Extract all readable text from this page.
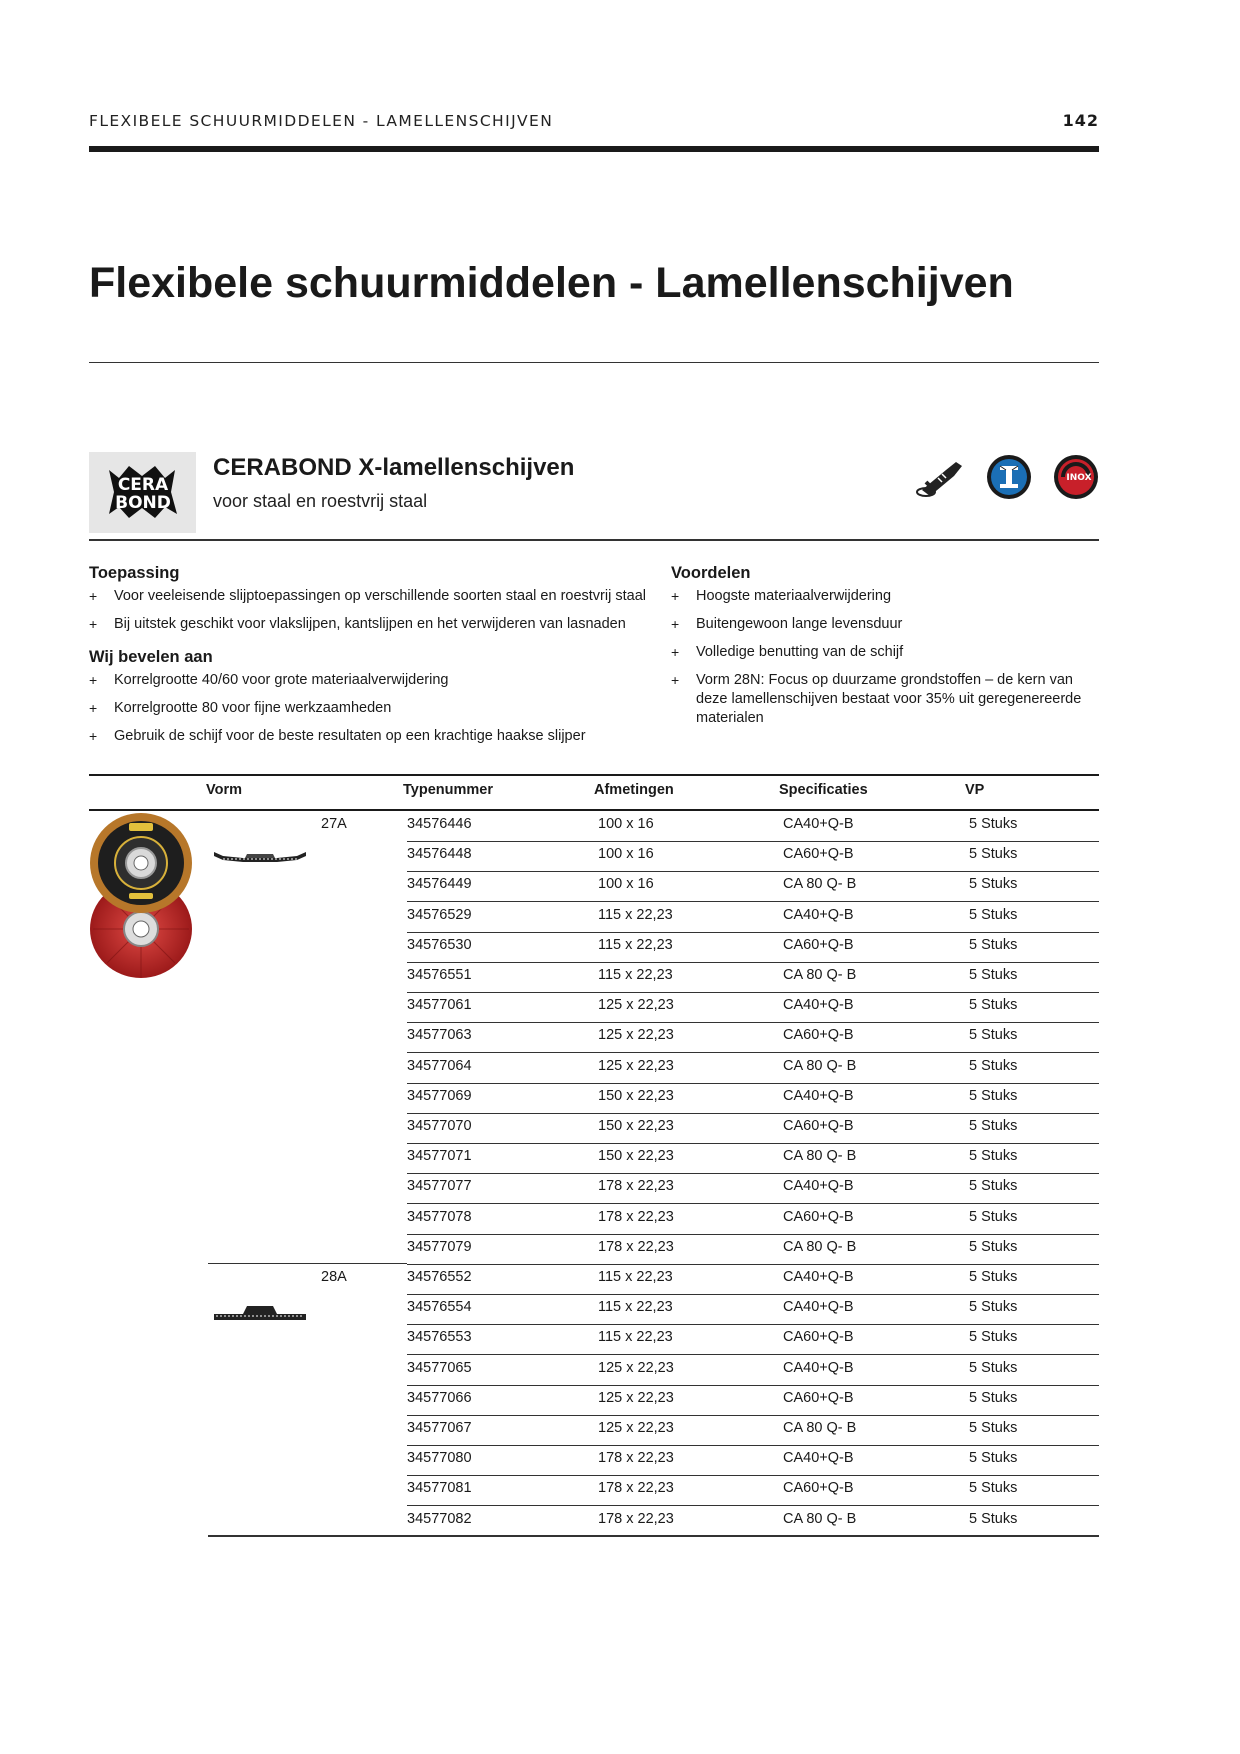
FLEXIBELE SCHUURMIDDELEN - LAMELLENSCHIJVEN	142
Flexibele schuurmiddelen - Lamellenschijven
CERA
BOND
CERABOND X-lamellenschijven
voor staal en roestvrij staal
INOX
Toepassing
+	Voor veeleisende slijptoepassingen op verschillende soorten staal en roestvrij staal
+	Bij uitstek geschikt voor vlakslijpen, kantslijpen en het verwijderen van lasnaden
Wij bevelen aan
+	Korrelgrootte 40/60 voor grote materiaalverwijdering
+	Korrelgrootte 80 voor fijne werkzaamheden
+	Gebruik de schijf voor de beste resultaten op een krachtige haakse slijper
Voordelen
+	Hoogste materiaalverwijdering
+	Buitengewoon lange levensduur
+	Volledige benutting van de schijf
+	Vorm 28N: Focus op duurzame grondstoffen – de kern van deze lamellenschijven bestaat voor 35% uit geregenereerde materialen
Vorm	Typenummer	Afmetingen	Specificaties	VP
27A	34576446	100 x 16	CA40+Q-B	5 Stuks
34576448	100 x 16	CA60+Q-B	5 Stuks
34576449	100 x 16	CA 80 Q- B	5 Stuks
34576529	115 x 22,23	CA40+Q-B	5 Stuks
34576530	115 x 22,23	CA60+Q-B	5 Stuks
34576551	115 x 22,23	CA 80 Q- B	5 Stuks
34577061	125 x 22,23	CA40+Q-B	5 Stuks
34577063	125 x 22,23	CA60+Q-B	5 Stuks
34577064	125 x 22,23	CA 80 Q- B	5 Stuks
34577069	150 x 22,23	CA40+Q-B	5 Stuks
34577070	150 x 22,23	CA60+Q-B	5 Stuks
34577071	150 x 22,23	CA 80 Q- B	5 Stuks
34577077	178 x 22,23	CA40+Q-B	5 Stuks
34577078	178 x 22,23	CA60+Q-B	5 Stuks
34577079	178 x 22,23	CA 80 Q- B	5 Stuks
28A	34576552	115 x 22,23	CA40+Q-B	5 Stuks
34576554	115 x 22,23	CA40+Q-B	5 Stuks
34576553	115 x 22,23	CA60+Q-B	5 Stuks
34577065	125 x 22,23	CA40+Q-B	5 Stuks
34577066	125 x 22,23	CA60+Q-B	5 Stuks
34577067	125 x 22,23	CA 80 Q- B	5 Stuks
34577080	178 x 22,23	CA40+Q-B	5 Stuks
34577081	178 x 22,23	CA60+Q-B	5 Stuks
34577082	178 x 22,23	CA 80 Q- B	5 Stuks
